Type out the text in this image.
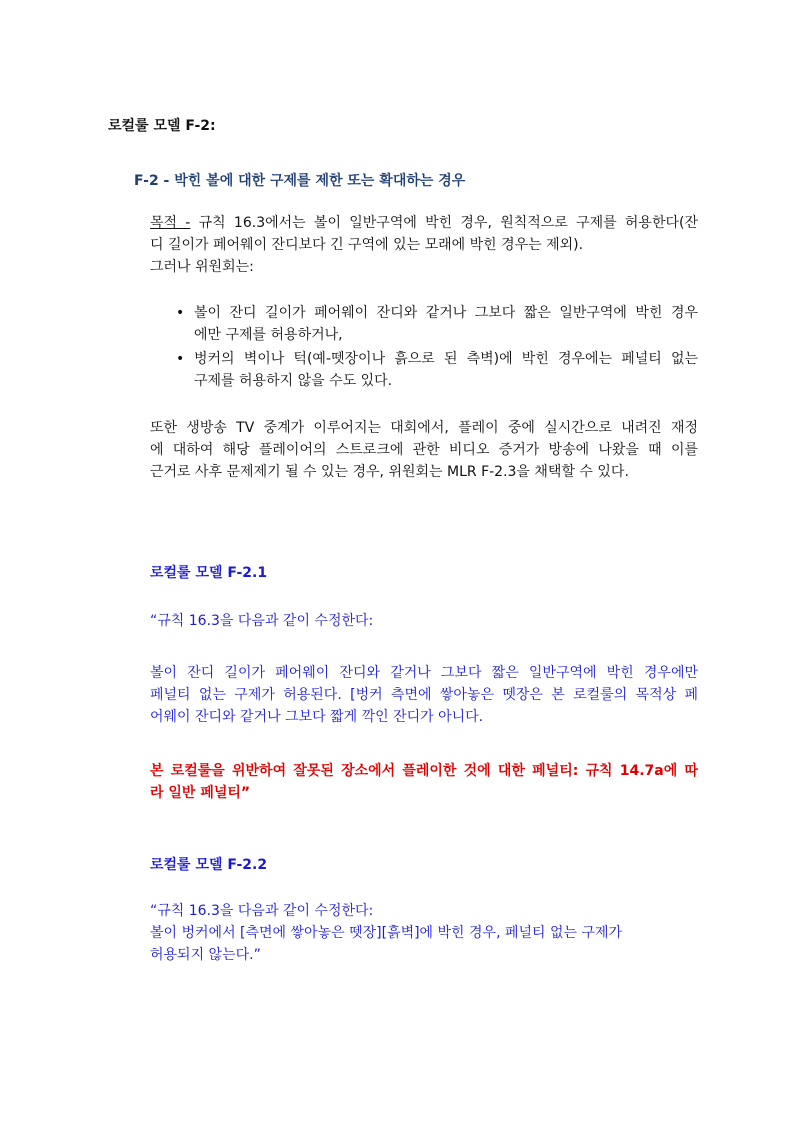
로컬룰 모델 F-2:
F-2 - 박힌 볼에 대한 구제를 제한 또는 확대하는 경우
목적 - 규칙 16.3에서는 볼이 일반구역에 박힌 경우, 원칙적으로 구제를 허용한다(잔
디 길이가 페어웨이 잔디보다 긴 구역에 있는 모래에 박힌 경우는 제외).
그러나 위원회는:
• 볼이 잔디 길이가 페어웨이 잔디와 같거나 그보다 짧은 일반구역에 박힌 경우
에만 구제를 허용하거나,
• 벙커의 벽이나 턱(예-뗏장이나 흙으로 된 측벽)에 박힌 경우에는 페널티 없는
구제를 허용하지 않을 수도 있다.
또한 생방송 TV 중계가 이루어지는 대회에서, 플레이 중에 실시간으로 내려진 재정
에 대하여 해당 플레이어의 스트로크에 관한 비디오 증거가 방송에 나왔을 때 이를
근거로 사후 문제제기 될 수 있는 경우, 위원회는 MLR F-2.3을 채택할 수 있다.
로컬룰 모델 F-2.1
“규칙 16.3을 다음과 같이 수정한다:
볼이 잔디 길이가 페어웨이 잔디와 같거나 그보다 짧은 일반구역에 박힌 경우에만
페널티 없는 구제가 허용된다. [벙커 측면에 쌓아놓은 뗏장은 본 로컬룰의 목적상 페
어웨이 잔디와 같거나 그보다 짧게 깍인 잔디가 아니다.
본 로컬룰을 위반하여 잘못된 장소에서 플레이한 것에 대한 페널티: 규칙 14.7a에 따
라 일반 페널티”
로컬룰 모델 F-2.2
“규칙 16.3을 다음과 같이 수정한다:
볼이 벙커에서 [측면에 쌓아놓은 뗏장][흙벽]에 박힌 경우, 페널티 없는 구제가
허용되지 않는다.”
